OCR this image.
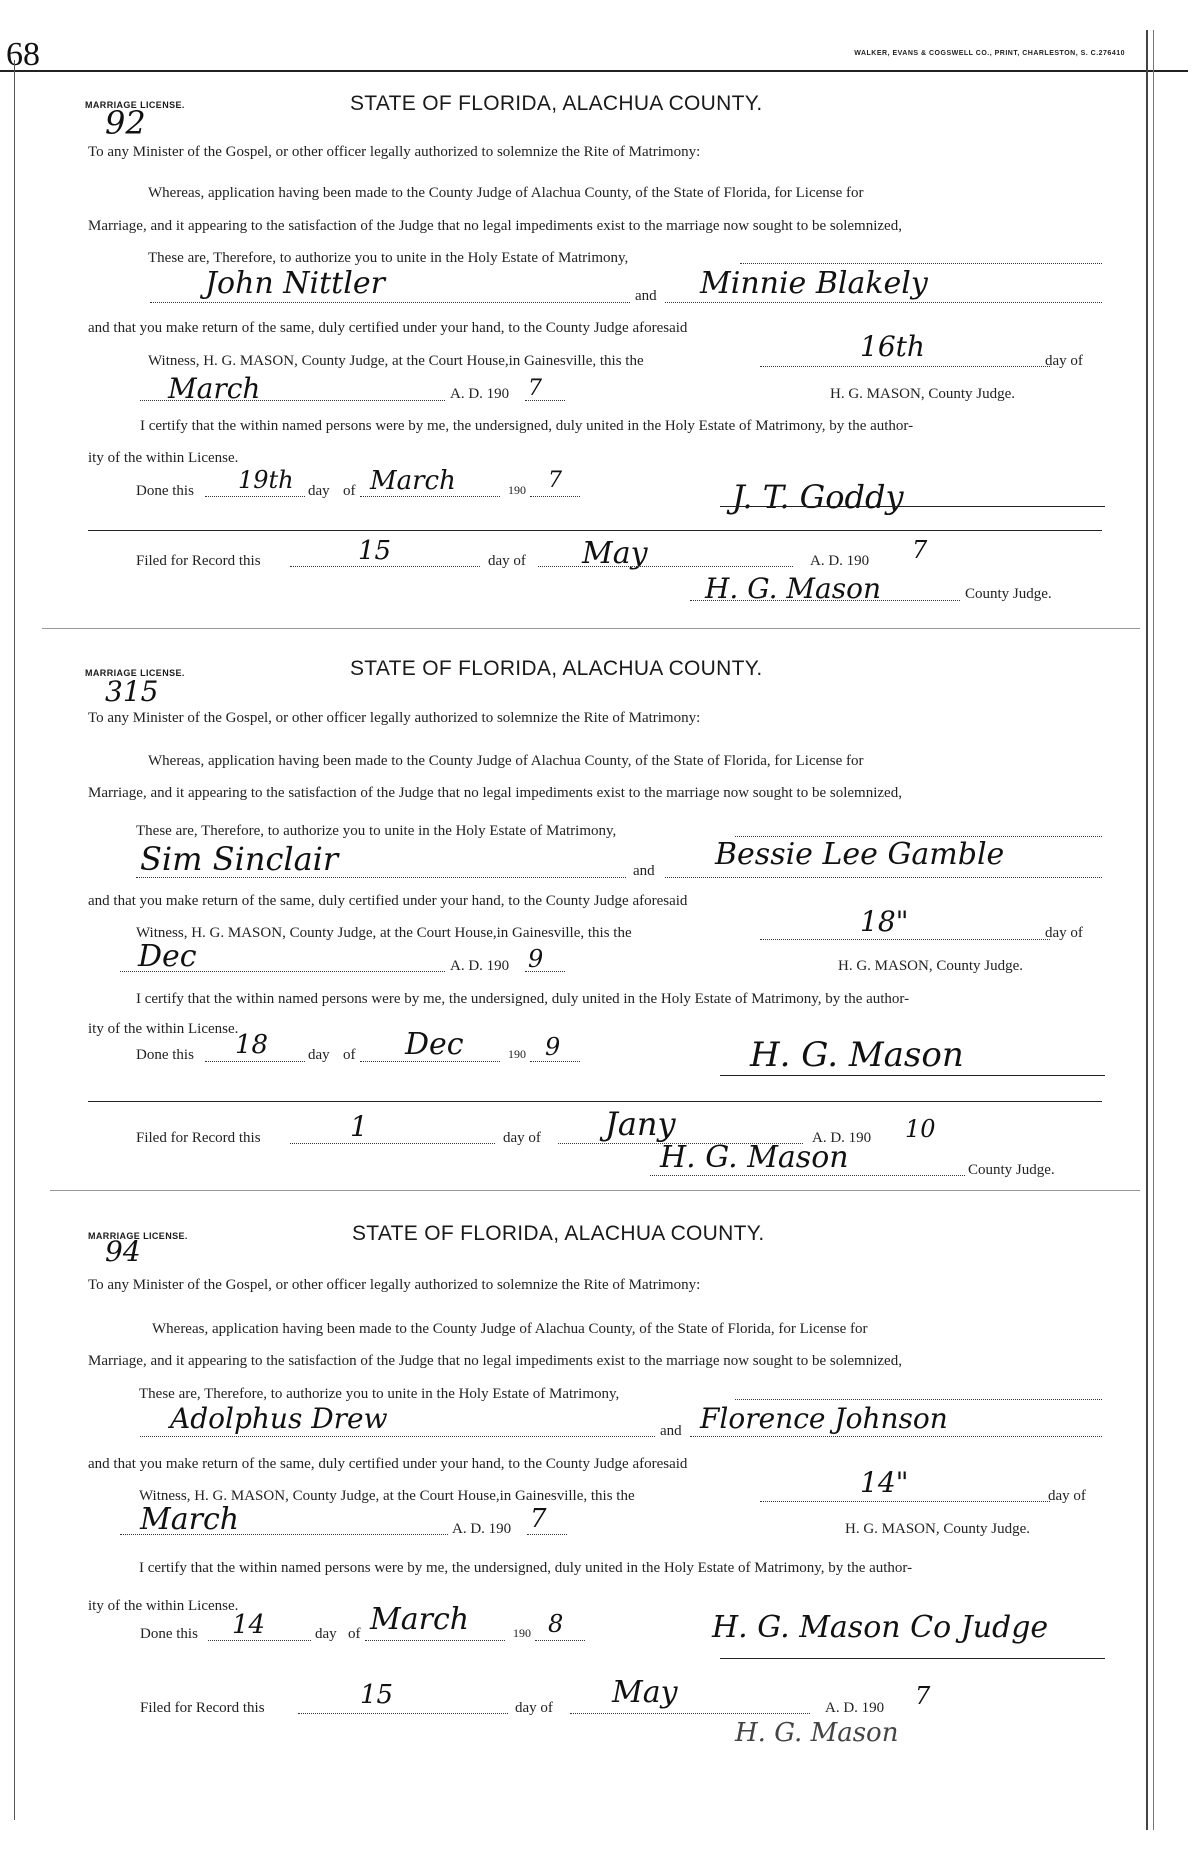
68	WALKER, EVANS & COGSWELL CO., PRINT, CHARLESTON, S. C.276410
MARRIAGE LICENSE.
92
STATE OF FLORIDA, ALACHUA COUNTY.
To any Minister of the Gospel, or other officer legally authorized to solemnize the Rite of Matrimony:
Whereas, application having been made to the County Judge of Alachua County, of the State of Florida, for License for
Marriage, and it appearing to the satisfaction of the Judge that no legal impediments exist to the marriage now sought to be solemnized,
These are, Therefore, to authorize you to unite in the Holy Estate of Matrimony,
John Nittler	and Minnie Blakely
and that you make return of the same, duly certified under your hand, to the County Judge aforesaid
Witness, H. G. MASON, County Judge, at the Court House,in Gainesville, this the	16th	day of
March	A. D. 190 7	H. G. MASON, County Judge.
I certify that the within named persons were by me, the undersigned, duly united in the Holy Estate of Matrimony, by the author-
ity of the within License.
Done this 19th day of March	190 7	J. T. Goddy
Filed for Record this	15	day of May	A. D. 190 7
H. G. Mason	County Judge.
MARRIAGE LICENSE.
315
STATE OF FLORIDA, ALACHUA COUNTY.
To any Minister of the Gospel, or other officer legally authorized to solemnize the Rite of Matrimony:
Whereas, application having been made to the County Judge of Alachua County, of the State of Florida, for License for
Marriage, and it appearing to the satisfaction of the Judge that no legal impediments exist to the marriage now sought to be solemnized,
These are, Therefore, to authorize you to unite in the Holy Estate of Matrimony,
Sim Sinclair	and Bessie Lee Gamble
and that you make return of the same, duly certified under your hand, to the County Judge aforesaid
Witness, H. G. MASON, County Judge, at the Court House,in Gainesville, this the	18"	day of
Dec	A. D. 190 9	H. G. MASON, County Judge.
I certify that the within named persons were by me, the undersigned, duly united in the Holy Estate of Matrimony, by the author-
ity of the within License.
Done this 18	day of Dec	190 9	H. G. Mason
Filed for Record this	1	day of Jany	A. D. 190 10
H. G. Mason	County Judge.
MARRIAGE LICENSE.
94
STATE OF FLORIDA, ALACHUA COUNTY.
To any Minister of the Gospel, or other officer legally authorized to solemnize the Rite of Matrimony:
Whereas, application having been made to the County Judge of Alachua County, of the State of Florida, for License for
Marriage, and it appearing to the satisfaction of the Judge that no legal impediments exist to the marriage now sought to be solemnized,
These are, Therefore, to authorize you to unite in the Holy Estate of Matrimony,
Adolphus Drew	and Florence Johnson
and that you make return of the same, duly certified under your hand, to the County Judge aforesaid
Witness, H. G. MASON, County Judge, at the Court House,in Gainesville, this the	14"	day of
March	A. D. 190 7	H. G. MASON, County Judge.
I certify that the within named persons were by me, the undersigned, duly united in the Holy Estate of Matrimony, by the author-
ity of the within License.
Done this 14	day of March	190 8	H. G. Mason Co Judge
Filed for Record this	15	day of May	A. D. 190 7
H. G. Mason
